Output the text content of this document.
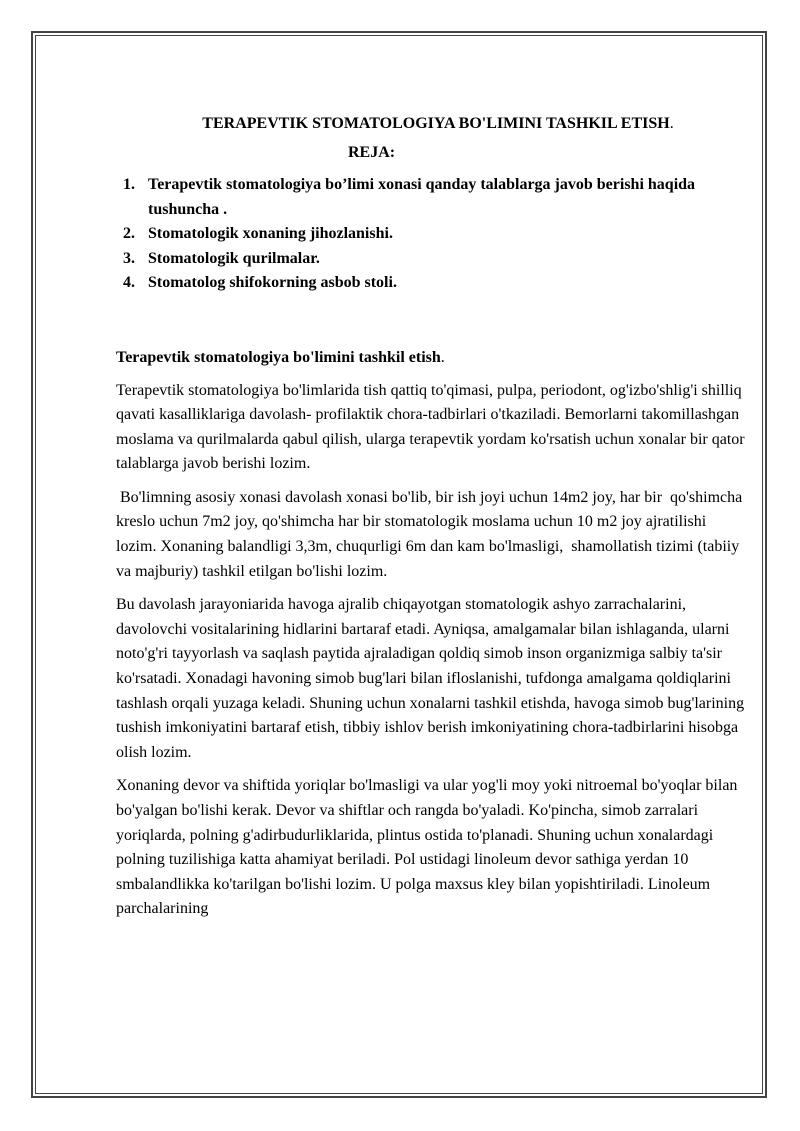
TERAPEVTIK STOMATOLOGIYA BO'LIMINI TASHKIL ETISH.
REJA:
1. Terapevtik stomatologiya bo’limi xonasi qanday talablarga javob berishi haqida tushuncha .
2. Stomatologik xonaning jihozlanishi.
3. Stomatologik qurilmalar.
4. Stomatolog shifokorning asbob stoli.
Terapevtik stomatologiya bo'limini tashkil etish.

Terapevtik stomatologiya bo'limlarida tish qattiq to'qimasi, pulpa, periodont, og'izbo'shlig'i shilliq qavati kasalliklariga davolash- profilaktik chora-tadbirlari o'tkaziladi. Bemorlarni takomillashgan moslama va qurilmalarda qabul qilish, ularga terapevtik yordam ko'rsatish uchun xonalar bir qator talablarga javob berishi lozim.

Bo'limning asosiy xonasi davolash xonasi bo'lib, bir ish joyi uchun 14m2 joy, har bir  qo'shimcha kreslo uchun 7m2 joy, qo'shimcha har bir stomatologik moslama uchun 10 m2 joy ajratilishi lozim. Xonaning balandligi 3,3m, chuqurligi 6m dan kam bo'lmasligi,  shamollatish tizimi (tabiiy va majburiy) tashkil etilgan bo'lishi lozim.

Bu davolash jarayoniarida havoga ajralib chiqayotgan stomatologik ashyo zarrachalarini, davolovchi vositalarining hidlarini bartaraf etadi. Ayniqsa, amalgamalar bilan ishlaganda, ularni noto'g'ri tayyorlash va saqlash paytida ajraladigan qoldiq simob inson organizmiga salbiy ta'sir ko'rsatadi. Xonadagi havoning simob bug'lari bilan ifloslanishi, tufdonga amalgama qoldiqlarini tashlash orqali yuzaga keladi. Shuning uchun xonalarni tashkil etishda, havoga simob bug'larining tushish imkoniyatini bartaraf etish, tibbiy ishlov berish imkoniyatining chora-tadbirlarini hisobga olish lozim.

Xonaning devor va shiftida yoriqlar bo'lmasligi va ular yog'li moy yoki nitroemal bo'yoqlar bilan bo'yalgan bo'lishi kerak. Devor va shiftlar och rangda bo'yaladi. Ko'pincha, simob zarralari yoriqlarda, polning g'adirbudurliklarida, plintus ostida to'planadi. Shuning uchun xonalardagi polning tuzilishiga katta ahamiyat beriladi. Pol ustidagi linoleum devor sathiga yerdan 10 smbalandlikka ko'tarilgan bo'lishi lozim. U polga maxsus kley bilan yopishtiriladi. Linoleum parchalarining
